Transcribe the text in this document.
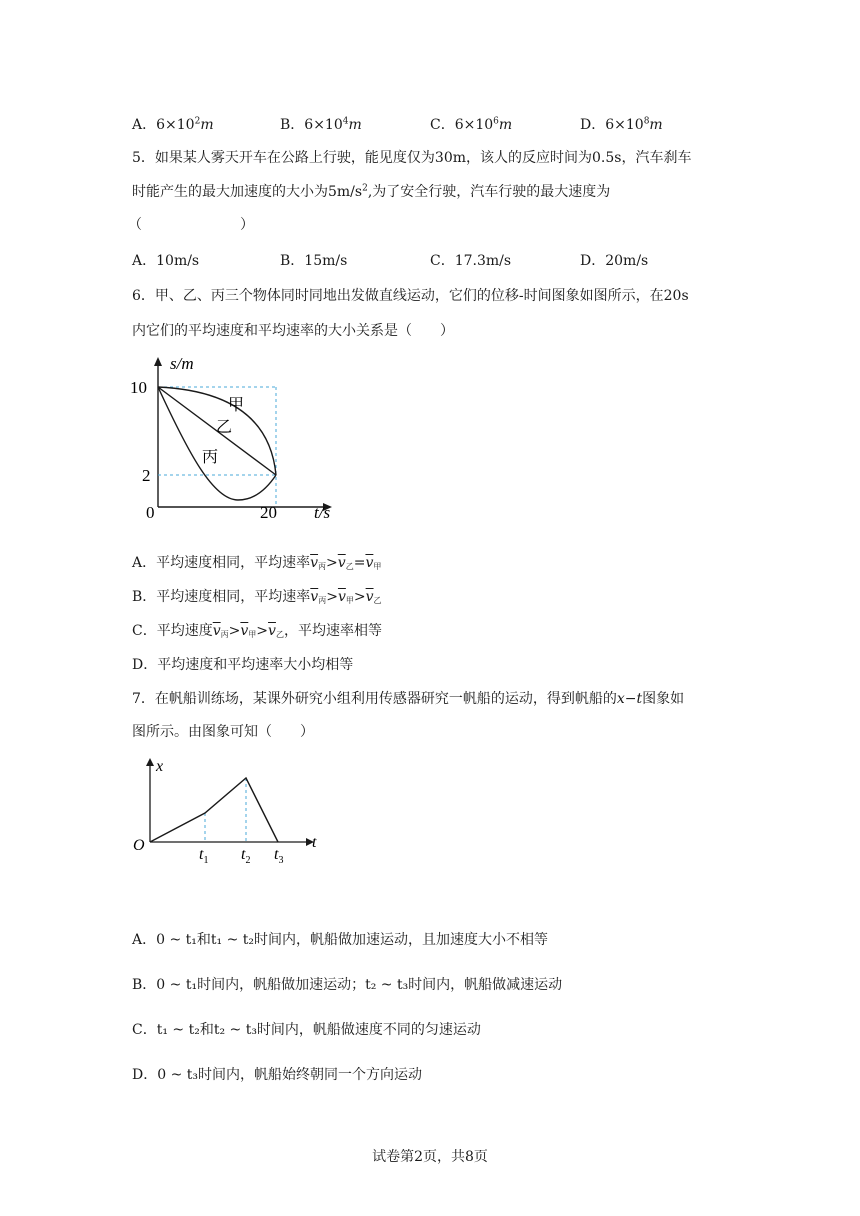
A．$6\times 10^2m$	B．$6\times 10^4m$	C．$6\times 10^6m$	D．$6\times 10^8m$
5．如果某人雾天开车在公路上行驶，能见度仅为30m，该人的反应时间为0.5s，汽车刹车
时能产生的最大加速度的大小为$5m/s^2$,为了安全行驶，汽车行驶的最大速度为
（　　　　　　　）
A．10m/s	B．15m/s	C．17.3m/s	D．20m/s
6．甲、乙、丙三个物体同时同地出发做直线运动，它们的位移-时间图象如图所示，在20s
内它们的平均速度和平均速率的大小关系是（　　）
s/m
10
2
0	20 t/s
甲
乙
丙
A．平均速度相同，平均速率$\overline{v}_丙>\overline{v}_乙=\overline{v}_甲$
B．平均速度相同，平均速率$\overline{v}_丙>\overline{v}_甲>\overline{v}_乙$
C．平均速度$\overline{v}_丙>\overline{v}_甲>\overline{v}_乙$，平均速率相等
D．平均速度和平均速率大小均相等
7．在帆船训练场，某课外研究小组利用传感器研究一帆船的运动，得到帆船的x−t图象如
图所示。由图象可知（　　）
x
O	t
$t_1$ $t_2$ $t_3$
A．0 ~ t₁和t₁ ~ t₂时间内，帆船做加速运动，且加速度大小不相等
B．0 ~ t₁时间内，帆船做加速运动；t₂ ~ t₃时间内，帆船做减速运动
C．t₁ ~ t₂和t₂ ~ t₃时间内，帆船做速度不同的匀速运动
D．0 ~ t₃时间内，帆船始终朝同一个方向运动
试卷第2页，共8页
